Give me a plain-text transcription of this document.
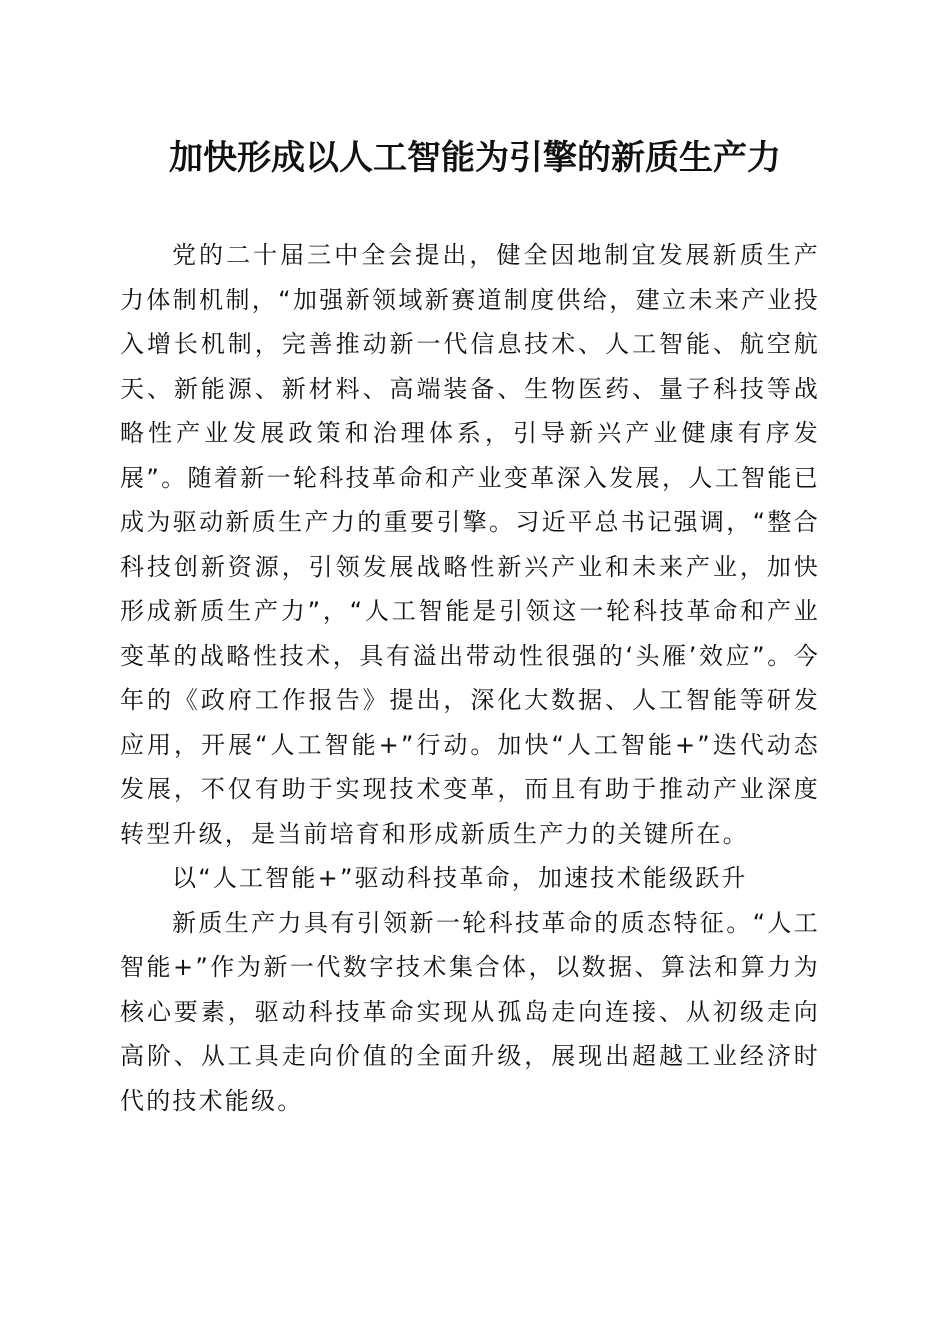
加快形成以人工智能为引擎的新质生产力

党的二十届三中全会提出，健全因地制宜发展新质生产力体制机制，“加强新领域新赛道制度供给，建立未来产业投入增长机制，完善推动新一代信息技术、人工智能、航空航天、新能源、新材料、高端装备、生物医药、量子科技等战略性产业发展政策和治理体系，引导新兴产业健康有序发展”。随着新一轮科技革命和产业变革深入发展，人工智能已成为驱动新质生产力的重要引擎。习近平总书记强调，“整合科技创新资源，引领发展战略性新兴产业和未来产业，加快形成新质生产力”，“人工智能是引领这一轮科技革命和产业变革的战略性技术，具有溢出带动性很强的‘头雁’效应”。今年的《政府工作报告》提出，深化大数据、人工智能等研发应用，开展“人工智能+”行动。加快“人工智能+”迭代动态发展，不仅有助于实现技术变革，而且有助于推动产业深度转型升级，是当前培育和形成新质生产力的关键所在。

以“人工智能+”驱动科技革命，加速技术能级跃升

新质生产力具有引领新一轮科技革命的质态特征。“人工智能+”作为新一代数字技术集合体，以数据、算法和算力为核心要素，驱动科技革命实现从孤岛走向连接、从初级走向高阶、从工具走向价值的全面升级，展现出超越工业经济时代的技术能级。
